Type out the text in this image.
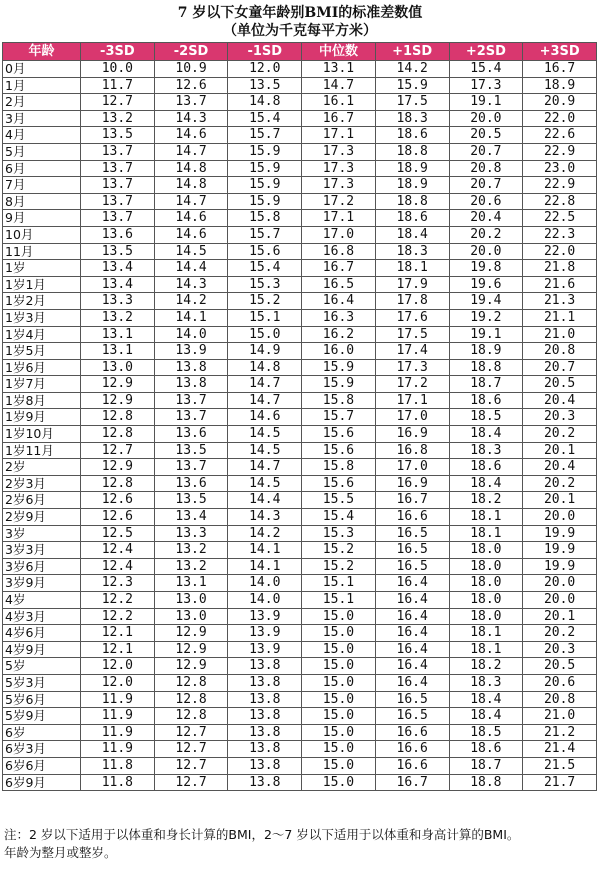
7 岁以下女童年龄别BMI的标准差数值
（单位为千克每平方米）
年龄	-3SD	-2SD	-1SD	中位数	+1SD	+2SD	+3SD
0月	10.0	10.9	12.0	13.1	14.2	15.4	16.7
1月	11.7	12.6	13.5	14.7	15.9	17.3	18.9
2月	12.7	13.7	14.8	16.1	17.5	19.1	20.9
3月	13.2	14.3	15.4	16.7	18.3	20.0	22.0
4月	13.5	14.6	15.7	17.1	18.6	20.5	22.6
5月	13.7	14.7	15.9	17.3	18.8	20.7	22.9
6月	13.7	14.8	15.9	17.3	18.9	20.8	23.0
7月	13.7	14.8	15.9	17.3	18.9	20.7	22.9
8月	13.7	14.7	15.9	17.2	18.8	20.6	22.8
9月	13.7	14.6	15.8	17.1	18.6	20.4	22.5
10月	13.6	14.6	15.7	17.0	18.4	20.2	22.3
11月	13.5	14.5	15.6	16.8	18.3	20.0	22.0
1岁	13.4	14.4	15.4	16.7	18.1	19.8	21.8
1岁1月	13.4	14.3	15.3	16.5	17.9	19.6	21.6
1岁2月	13.3	14.2	15.2	16.4	17.8	19.4	21.3
1岁3月	13.2	14.1	15.1	16.3	17.6	19.2	21.1
1岁4月	13.1	14.0	15.0	16.2	17.5	19.1	21.0
1岁5月	13.1	13.9	14.9	16.0	17.4	18.9	20.8
1岁6月	13.0	13.8	14.8	15.9	17.3	18.8	20.7
1岁7月	12.9	13.8	14.7	15.9	17.2	18.7	20.5
1岁8月	12.9	13.7	14.7	15.8	17.1	18.6	20.4
1岁9月	12.8	13.7	14.6	15.7	17.0	18.5	20.3
1岁10月	12.8	13.6	14.5	15.6	16.9	18.4	20.2
1岁11月	12.7	13.5	14.5	15.6	16.8	18.3	20.1
2岁	12.9	13.7	14.7	15.8	17.0	18.6	20.4
2岁3月	12.8	13.6	14.5	15.6	16.9	18.4	20.2
2岁6月	12.6	13.5	14.4	15.5	16.7	18.2	20.1
2岁9月	12.6	13.4	14.3	15.4	16.6	18.1	20.0
3岁	12.5	13.3	14.2	15.3	16.5	18.1	19.9
3岁3月	12.4	13.2	14.1	15.2	16.5	18.0	19.9
3岁6月	12.4	13.2	14.1	15.2	16.5	18.0	19.9
3岁9月	12.3	13.1	14.0	15.1	16.4	18.0	20.0
4岁	12.2	13.0	14.0	15.1	16.4	18.0	20.0
4岁3月	12.2	13.0	13.9	15.0	16.4	18.0	20.1
4岁6月	12.1	12.9	13.9	15.0	16.4	18.1	20.2
4岁9月	12.1	12.9	13.9	15.0	16.4	18.1	20.3
5岁	12.0	12.9	13.8	15.0	16.4	18.2	20.5
5岁3月	12.0	12.8	13.8	15.0	16.4	18.3	20.6
5岁6月	11.9	12.8	13.8	15.0	16.5	18.4	20.8
5岁9月	11.9	12.8	13.8	15.0	16.5	18.4	21.0
6岁	11.9	12.7	13.8	15.0	16.6	18.5	21.2
6岁3月	11.9	12.7	13.8	15.0	16.6	18.6	21.4
6岁6月	11.8	12.7	13.8	15.0	16.6	18.7	21.5
6岁9月	11.8	12.7	13.8	15.0	16.7	18.8	21.7
注：2 岁以下适用于以体重和身长计算的BMI，2～7 岁以下适用于以体重和身高计算的BMI。
年龄为整月或整岁。
